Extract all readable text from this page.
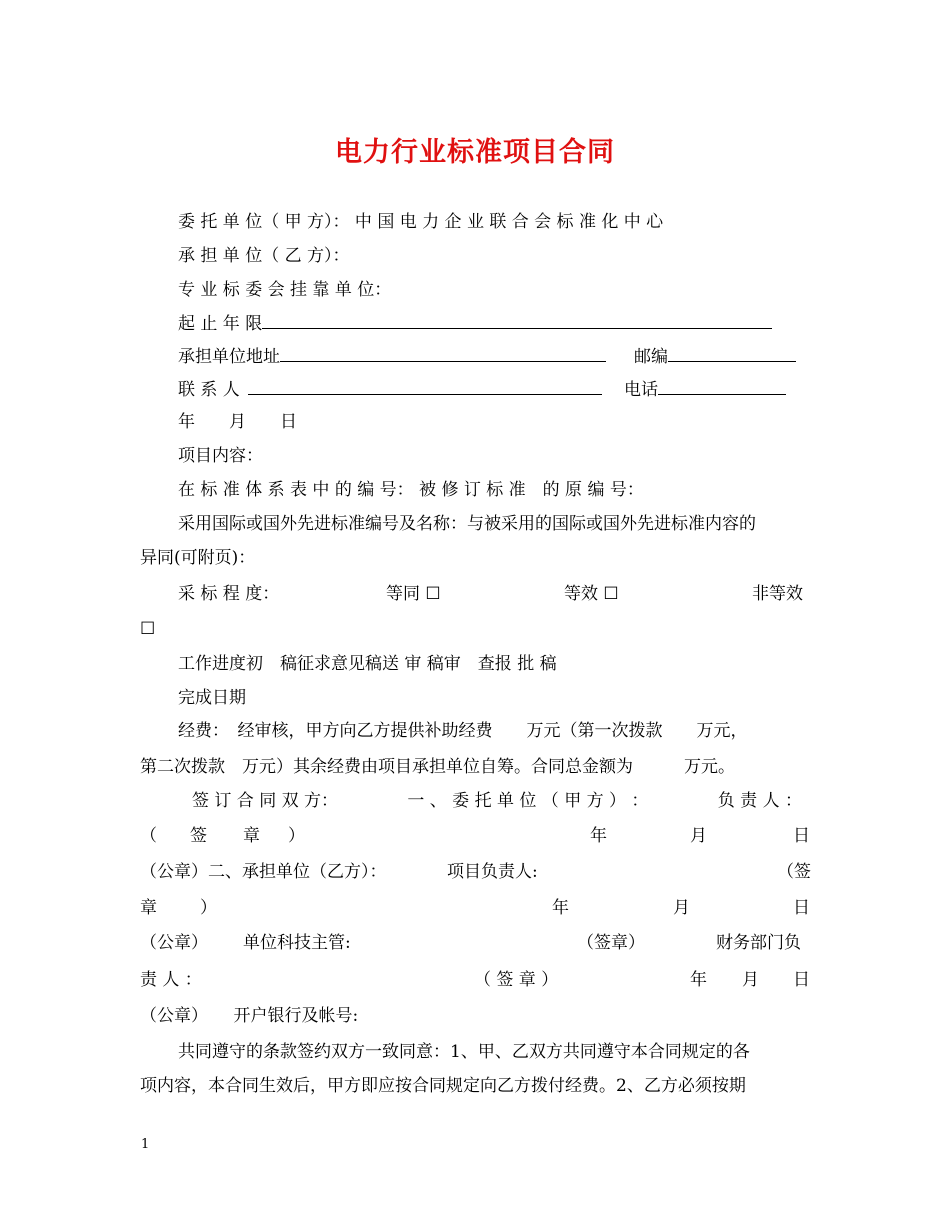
电力行业标准项目合同
委 托 单 位（ 甲 方）： 中 国 电 力 企 业 联 合 会 标 准 化 中 心
承 担 单 位（ 乙 方）：
专 业 标 委 会 挂 靠 单 位：
起 止 年 限
承担单位地址	邮编
联 系 人	电话
年　　月　　日
项目内容：
在 标 准 体 系 表 中 的 编 号： 被 修 订 标 准　的 原 编 号：
采用国际或国外先进标准编号及名称：与被采用的国际或国外先进标准内容的
异同(可附页)：
采 标 程 度：	等同 ☐	等效 ☐	非等效
☐
工作进度初　稿征求意见稿送 审 稿审　查报 批 稿
完成日期
经费：　经审核，甲方向乙方提供补助经费　　万元（第一次拨款　　万元，
第二次拨款　万元）其余经费由项目承担单位自筹。合同总金额为　　　万元。
签 订 合 同 双 方：	一 、 委 托 单 位 （ 甲 方 ） ：	负 责 人 ：
（ 签 章 ）	年	月	日
（公章）二、承担单位（乙方）：	项目负责人:	（签
章	）	年	月	日
（公章） 单位科技主管:	（签章）	财务部门负
责 人 ：	（ 签 章 ）	年 月 日
（公章）　　开户银行及帐号:
共同遵守的条款签约双方一致同意：1、甲、乙双方共同遵守本合同规定的各
项内容，本合同生效后，甲方即应按合同规定向乙方拨付经费。2、乙方必须按期
1
